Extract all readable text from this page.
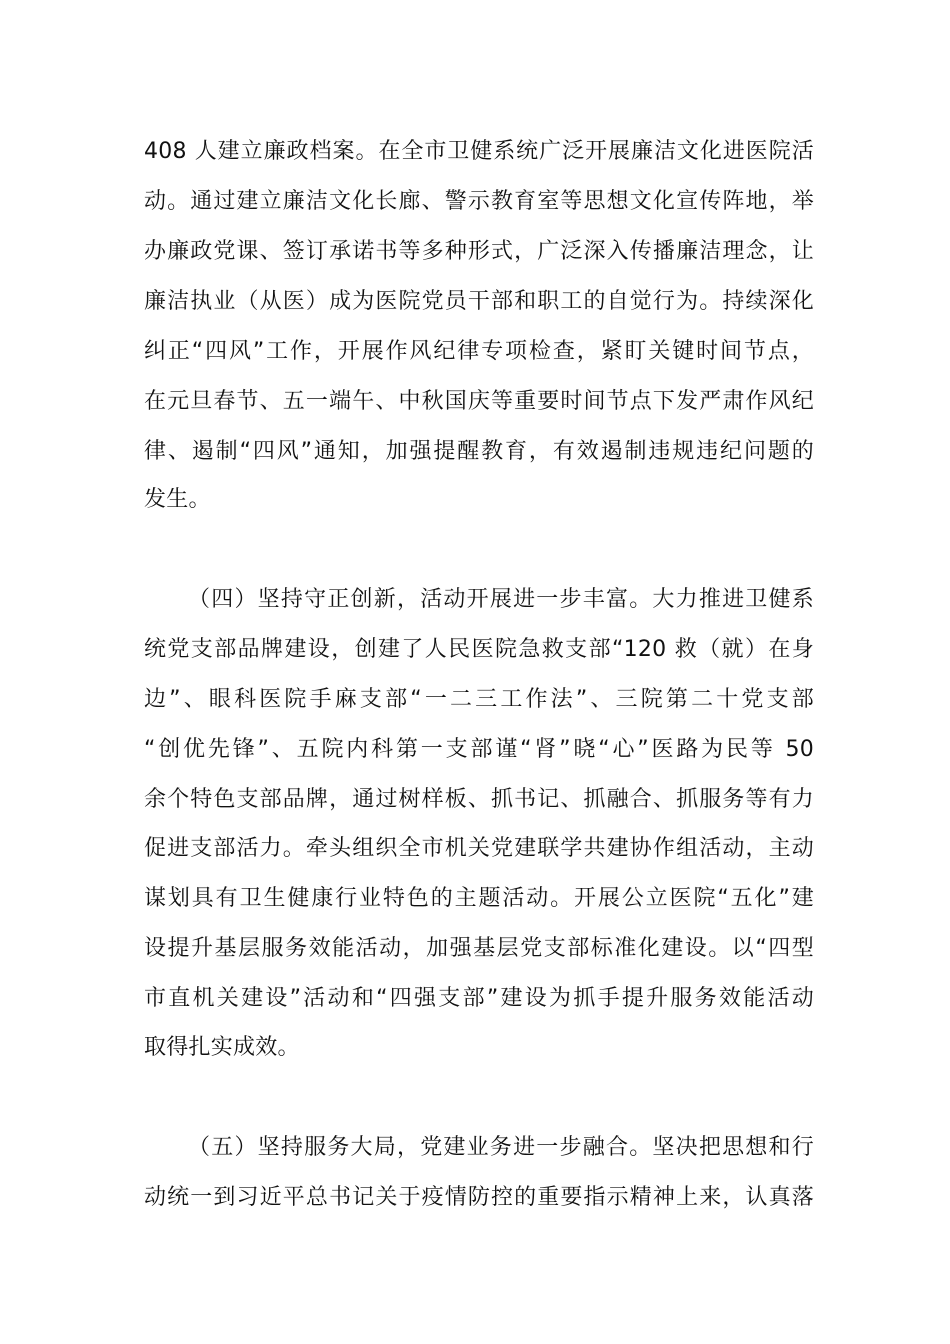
408 人建立廉政档案。在全市卫健系统广泛开展廉洁文化进医院活
动。通过建立廉洁文化长廊、警示教育室等思想文化宣传阵地，举
办廉政党课、签订承诺书等多种形式，广泛深入传播廉洁理念，让
廉洁执业（从医）成为医院党员干部和职工的自觉行为。持续深化
纠正“四风”工作，开展作风纪律专项检查，紧盯关键时间节点，
在元旦春节、五一端午、中秋国庆等重要时间节点下发严肃作风纪
律、遏制“四风”通知，加强提醒教育，有效遏制违规违纪问题的
发生。
（四）坚持守正创新，活动开展进一步丰富。大力推进卫健系
统党支部品牌建设，创建了人民医院急救支部“120 救（就）在身
边”、眼科医院手麻支部“一二三工作法”、三院第二十党支部
“创优先锋”、五院内科第一支部谨“肾”晓“心”医路为民等 50
余个特色支部品牌，通过树样板、抓书记、抓融合、抓服务等有力
促进支部活力。牵头组织全市机关党建联学共建协作组活动，主动
谋划具有卫生健康行业特色的主题活动。开展公立医院“五化”建
设提升基层服务效能活动，加强基层党支部标准化建设。以“四型
市直机关建设”活动和“四强支部”建设为抓手提升服务效能活动
取得扎实成效。
（五）坚持服务大局，党建业务进一步融合。坚决把思想和行
动统一到习近平总书记关于疫情防控的重要指示精神上来，认真落
